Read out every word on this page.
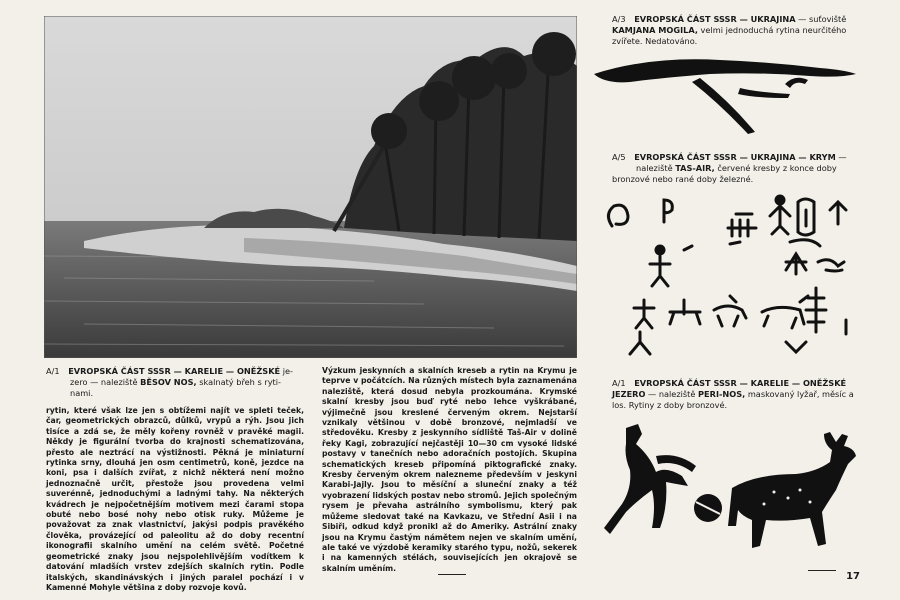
A/1 EVROPSKÁ ČÁST SSSR — KARELIE — ONĚŽSKÉ je-
zero — naleziště BĚSOV NOS, skalnatý břeh s ryti-
nami.

rytin, které však lze jen s obtížemi najít ve spleti teček, čar, geometrických obrazců, důlků, vrypů a rýh. Jsou jich tisíce a zdá se, že měly kořeny rovněž v pravěké magii. Někdy je figurální tvorba do krajnosti schematizována, přesto ale neztrácí na výstižnosti. Pěkná je miniaturní rytinka srny, dlouhá jen osm centimetrů, koně, jezdce na koni, psa i dalších zvířat, z nichž některá není možno jednoznačně určit, přestože jsou provedena velmi suverénně, jednoduchými a ladnými tahy. Na některých kvádrech je nejpočetnějším motivem mezi čarami stopa obuté nebo bosé nohy nebo otisk ruky. Můžeme je považovat za znak vlastnictví, jakýsi podpis pravěkého člověka, provázející od paleolitu až do doby recentní ikonografii skalního umění na celém světě. Početné geometrické znaky jsou nejspolehlivějším vodítkem k datování mladších vrstev zdejších skalních rytin. Podle italských, skandinávských i jiných paralel pochází i v Kamenné Mohyle většina z doby rozvoje kovů.

Výzkum jeskynních a skalních kreseb a rytin na Krymu je teprve v počátcích. Na různých místech byla zaznamenána naleziště, která dosud nebyla prozkoumána. Krymské skalní kresby jsou buď ryté nebo lehce vyškrábané, výjimečně jsou kreslené červeným okrem. Nejstarší vznikaly většinou v době bronzové, nejmladší ve středověku. Kresby z jeskynního sídliště Taš-Air v dolině řeky Kagi, zobrazující nejčastěji 10—30 cm vysoké lidské postavy v tanečních nebo adoračních postojích. Skupina schematických kreseb připomíná piktografické znaky. Kresby červeným okrem nalezneme především v jeskyni Karabi-Jajly. Jsou to měsíční a sluneční znaky a též vyobrazení lidských postav nebo stromů. Jejich společným rysem je převaha astrálního symbolismu, který pak můžeme sledovat také na Kavkazu, ve Střední Asii i na Sibiři, odkud když pronikl až do Ameriky. Astrální znaky jsou na Krymu častým námětem nejen ve skalním umění, ale také ve výzdobě keramiky starého typu, nožů, sekerek i na kamenných stélách, souvisejících jen okrajově se skalním uměním.

A/3 EVROPSKÁ ČÁST SSSR — UKRAJINA — suťoviště KAMJANA MOGILA, velmi jednoduchá rytina neurčitého zvířete. Nedatováno.
A/5 EVROPSKÁ ČÁST SSSR — UKRAJINA — KRYM —
naleziště TAS-AIR, červené kresby z konce doby bronzové nebo rané doby železné.
A/1 EVROPSKÁ ČÁST SSSR — KARELIE — ONĚŽSKÉ JEZERO — naleziště PERI-NOS, maskovaný lyžař, měsíc a los. Rytiny z doby bronzové.
17
